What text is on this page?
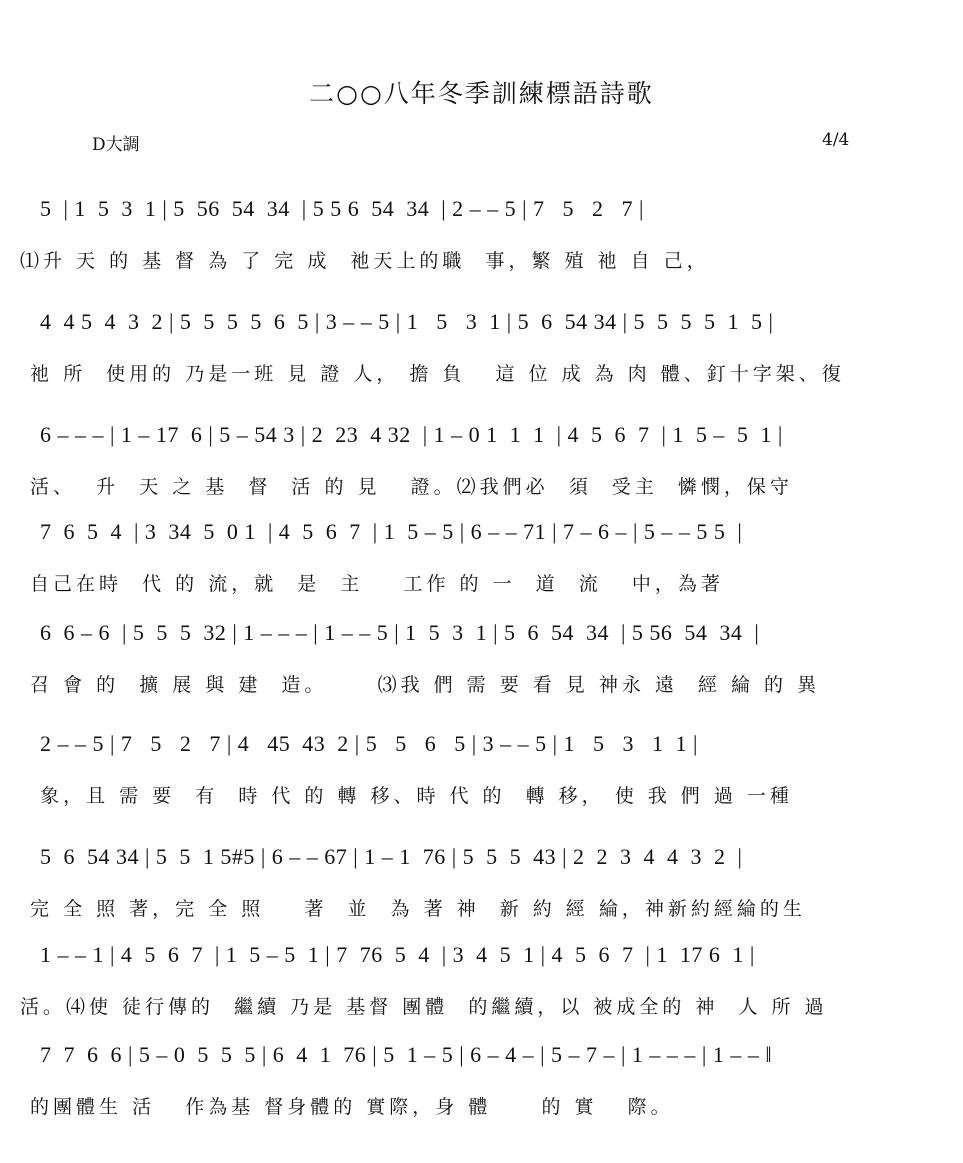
二○○八年冬季訓練標語詩歌
D大調	4/4
5  | 1  5  3  1 | 5  56  54  34  | 5 5 6  54  34  | 2 – – 5 | 7   5   2   7 |
⑴升 天 的 基 督 為 了 完 成  祂天上的職  事，繁 殖 祂 自 己，
4  4 5  4  3  2 | 5  5  5  5  6  5 | 3 – – 5 | 1   5   3  1 | 5  6  54 34 | 5  5  5  5  1  5 |
祂 所  使用的 乃是一班 見 證 人， 擔 負   這 位 成 為 肉 體、釘十字架、復
6 – – – | 1 – 17  6 | 5 – 54 3 | 2  23  4 32  | 1 – 0 1  1  1  | 4  5  6  7  | 1  5 –  5  1 |
活、  升  天 之 基  督  活 的 見   證。⑵我們必  須  受主  憐憫，保守
7  6  5  4  | 3  34  5  0 1  | 4  5  6  7  | 1  5 – 5 | 6 – – 71 | 7 – 6 – | 5 – – 5 5  |
自己在時  代 的 流，就  是  主    工作 的 一  道  流   中，為著
6  6 – 6  | 5  5  5  32 | 1 – – – | 1 – – 5 | 1  5  3  1 | 5  6  54  34  | 5 56  54  34  |
召 會 的  擴 展 與 建  造。     ⑶我 們 需 要 看 見 神永 遠  經 綸 的 異
2 – – 5 | 7   5   2   7 | 4   45  43  2 | 5   5   6   5 | 3 – – 5 | 1   5   3   1  1 |
象，且 需 要  有  時 代 的 轉 移、時 代 的  轉 移， 使 我 們 過 一種
5  6  54 34 | 5  5  1 5#5 | 6 – – 67 | 1 – 1  76 | 5  5  5  43 | 2  2  3  4  4  3  2  |
完 全 照 著，完 全 照    著  並  為 著 神  新 約 經 綸，神新約經綸的生
1 – – 1 | 4  5  6  7  | 1  5 – 5  1 | 7  76  5  4  | 3  4  5  1 | 4  5  6  7  | 1  17 6  1 |
活。⑷使 徒行傳的  繼續 乃是 基督 團體  的繼續，以 被成全的 神  人 所 過
7  7  6  6 | 5 – 0  5  5  5 | 6  4  1  76 | 5  1 – 5 | 6 – 4 – | 5 – 7 – | 1 – – – | 1 – – ‖
的團體生 活   作為基 督身體的 實際，身 體     的 實   際。
